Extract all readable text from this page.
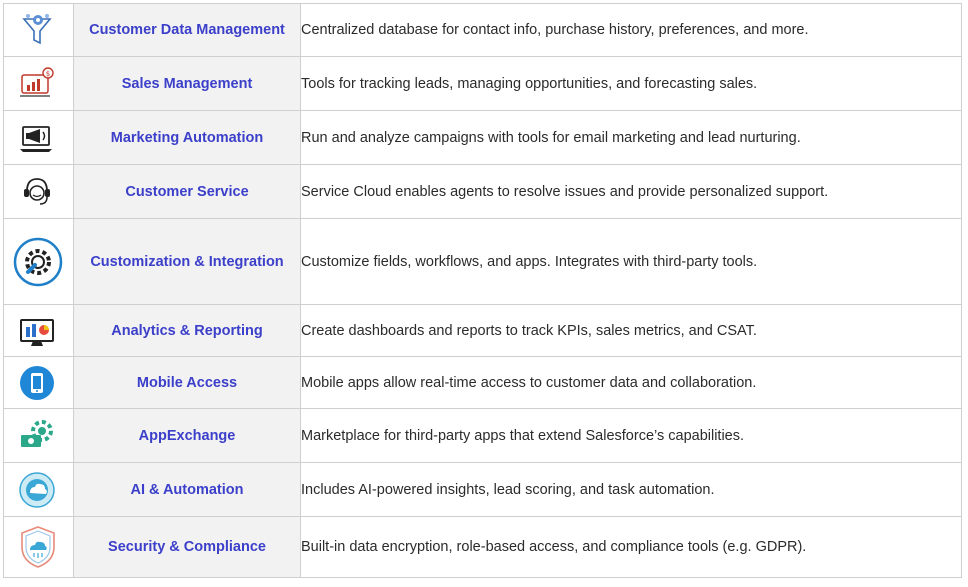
	Customer Data Management	Centralized database for contact info, purchase history, preferences, and more.

$	Sales Management	Tools for tracking leads, managing opportunities, and forecasting sales.

	Marketing Automation	Run and analyze campaigns with tools for email marketing and lead nurturing.

	Customer Service	Service Cloud enables agents to resolve issues and provide personalized support.

	Customization & Integration	Customize fields, workflows, and apps. Integrates with third-party tools.

	Analytics & Reporting	Create dashboards and reports to track KPIs, sales metrics, and CSAT.

	Mobile Access	Mobile apps allow real-time access to customer data and collaboration.

	AppExchange	Marketplace for third-party apps that extend Salesforce’s capabilities.

	AI & Automation	Includes AI-powered insights, lead scoring, and task automation.

	Security & Compliance	Built-in data encryption, role-based access, and compliance tools (e.g. GDPR).
